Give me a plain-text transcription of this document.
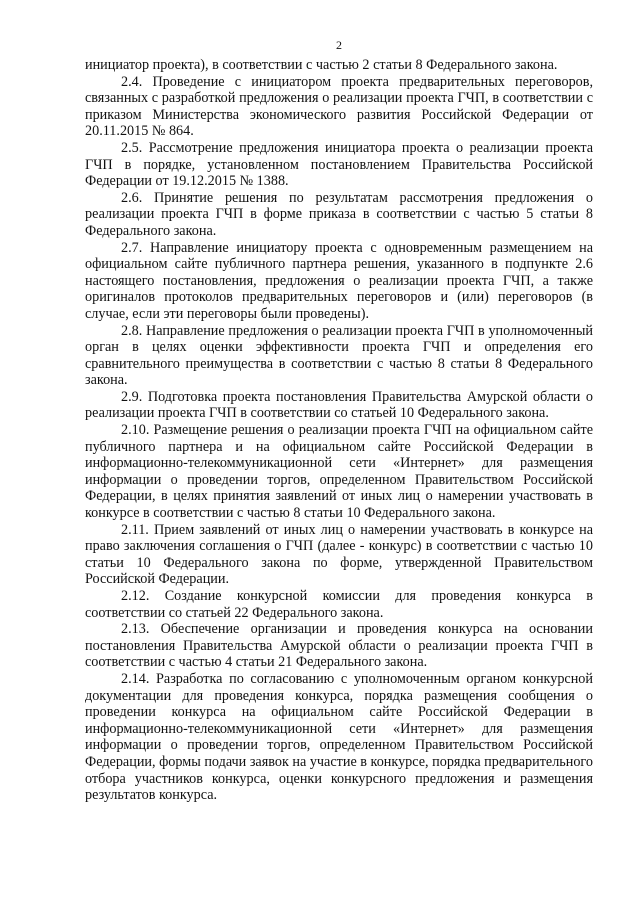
2

инициатор проекта), в соответствии с частью 2 статьи 8 Федерального закона.

2.4. Проведение с инициатором проекта предварительных переговоров, связанных с разработкой предложения о реализации проекта ГЧП, в соответствии с приказом Министерства экономического развития Российской Федерации от 20.11.2015 № 864.

2.5. Рассмотрение предложения инициатора проекта о реализации проекта ГЧП в порядке, установленном постановлением Правительства Российской Федерации от 19.12.2015 № 1388.

2.6. Принятие решения по результатам рассмотрения предложения о реализации проекта ГЧП в форме приказа в соответствии с частью 5 статьи 8 Федерального закона.

2.7. Направление инициатору проекта с одновременным размещением на официальном сайте публичного партнера решения, указанного в подпункте 2.6 настоящего постановления, предложения о реализации проекта ГЧП, а также оригиналов протоколов предварительных переговоров и (или) переговоров (в случае, если эти переговоры были проведены).

2.8. Направление предложения о реализации проекта ГЧП в уполномоченный орган в целях оценки эффективности проекта ГЧП и определения его сравнительного преимущества в соответствии с частью 8 статьи 8 Федерального закона.

2.9. Подготовка проекта постановления Правительства Амурской области о реализации проекта ГЧП в соответствии со статьей 10 Федерального закона.

2.10. Размещение решения о реализации проекта ГЧП на официальном сайте публичного партнера и на официальном сайте Российской Федерации в информационно-телекоммуникационной сети «Интернет» для размещения информации о проведении торгов, определенном Правительством Российской Федерации, в целях принятия заявлений от иных лиц о намерении участвовать в конкурсе в соответствии с частью 8 статьи 10 Федерального закона.

2.11. Прием заявлений от иных лиц о намерении участвовать в конкурсе на право заключения соглашения о ГЧП (далее - конкурс) в соответствии с частью 10 статьи 10 Федерального закона по форме, утвержденной Правительством Российской Федерации.

2.12. Создание конкурсной комиссии для проведения конкурса в соответствии со статьей 22 Федерального закона.

2.13. Обеспечение организации и проведения конкурса на основании постановления Правительства Амурской области о реализации проекта ГЧП в соответствии с частью 4 статьи 21 Федерального закона.

2.14. Разработка по согласованию с уполномоченным органом конкурсной документации для проведения конкурса, порядка размещения сообщения о проведении конкурса на официальном сайте Российской Федерации в информационно-телекоммуникационной сети «Интернет» для размещения информации о проведении торгов, определенном Правительством Российской Федерации, формы подачи заявок на участие в конкурсе, порядка предварительного отбора участников конкурса, оценки конкурсного предложения и размещения результатов конкурса.
